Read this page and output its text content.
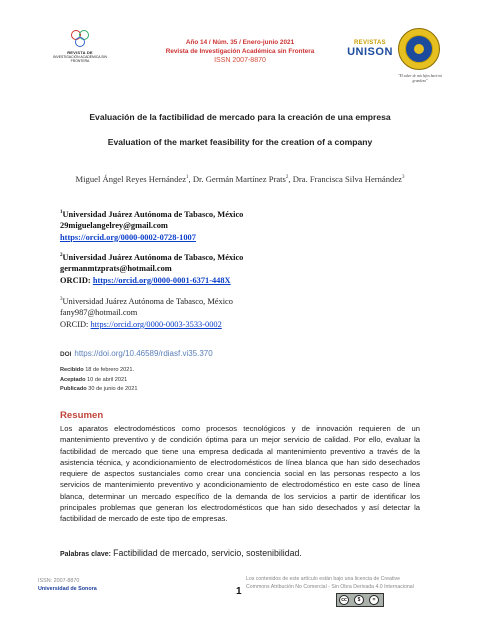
REVISTA DE
INVESTIGACIÓN ACADÉMICA SIN FRONTERA
Año 14 / Núm. 35 / Enero-junio 2021
Revista de Investigación Académica sin Frontera
ISSN 2007-8870
REVISTAS
UNISON
"El saber de mis hijos hará mi grandeza"
Evaluación de la factibilidad de mercado para la creación de una empresa
Evaluation of the market feasibility for the creation of a company
Miguel Ángel Reyes Hernández$^1$, Dr. Germán Martínez Prats$^2$, Dra. Francisca Silva Hernández$^3$
$^1$Universidad Juárez Autónoma de Tabasco, México
29miguelangelrey@gmail.com
https://orcid.org/0000-0002-0728-1007
$^2$Universidad Juárez Autónoma de Tabasco, México
germanmtzprats@hotmail.com
ORCID: https://orcid.org/0000-0001-6371-448X
$^3$Universidad Juárez Autónoma de Tabasco, México
fany987@hotmail.com
ORCID: https://orcid.org/0000-0003-3533-0002
DOI https://doi.org/10.46589/rdiasf.vi35.370
Recibido 18 de febrero 2021.
Aceptado 10 de abril 2021
Publicado 30 de junio de 2021
Resumen
Los aparatos electrodomésticos como procesos tecnológicos y de innovación requieren de un mantenimiento preventivo y de condición óptima para un mejor servicio de calidad. Por ello, evaluar la factibilidad de mercado que tiene una empresa dedicada al mantenimiento preventivo a través de la asistencia técnica, y acondicionamiento de electrodomésticos de línea blanca que han sido desechados requiere de aspectos sustanciales como crear una conciencia social en las personas respecto a los servicios de mantenimiento preventivo y acondicionamiento de electrodoméstico en este caso de línea blanca, determinar un mercado específico de la demanda de los servicios a partir de identificar los principales problemas que generan los electrodomésticos que han sido desechados y así detectar la factibilidad de mercado de este tipo de empresas.
Palabras clave: Factibilidad de mercado, servicio, sostenibilidad.
ISSN: 2007-8870
Universidad de Sonora	1
Los contenidos de este artículo están bajo una licencia de Creative
Commons Atribución No Comercial - Sin Obra Derivada 4.0 Internacional
cc	$	=
